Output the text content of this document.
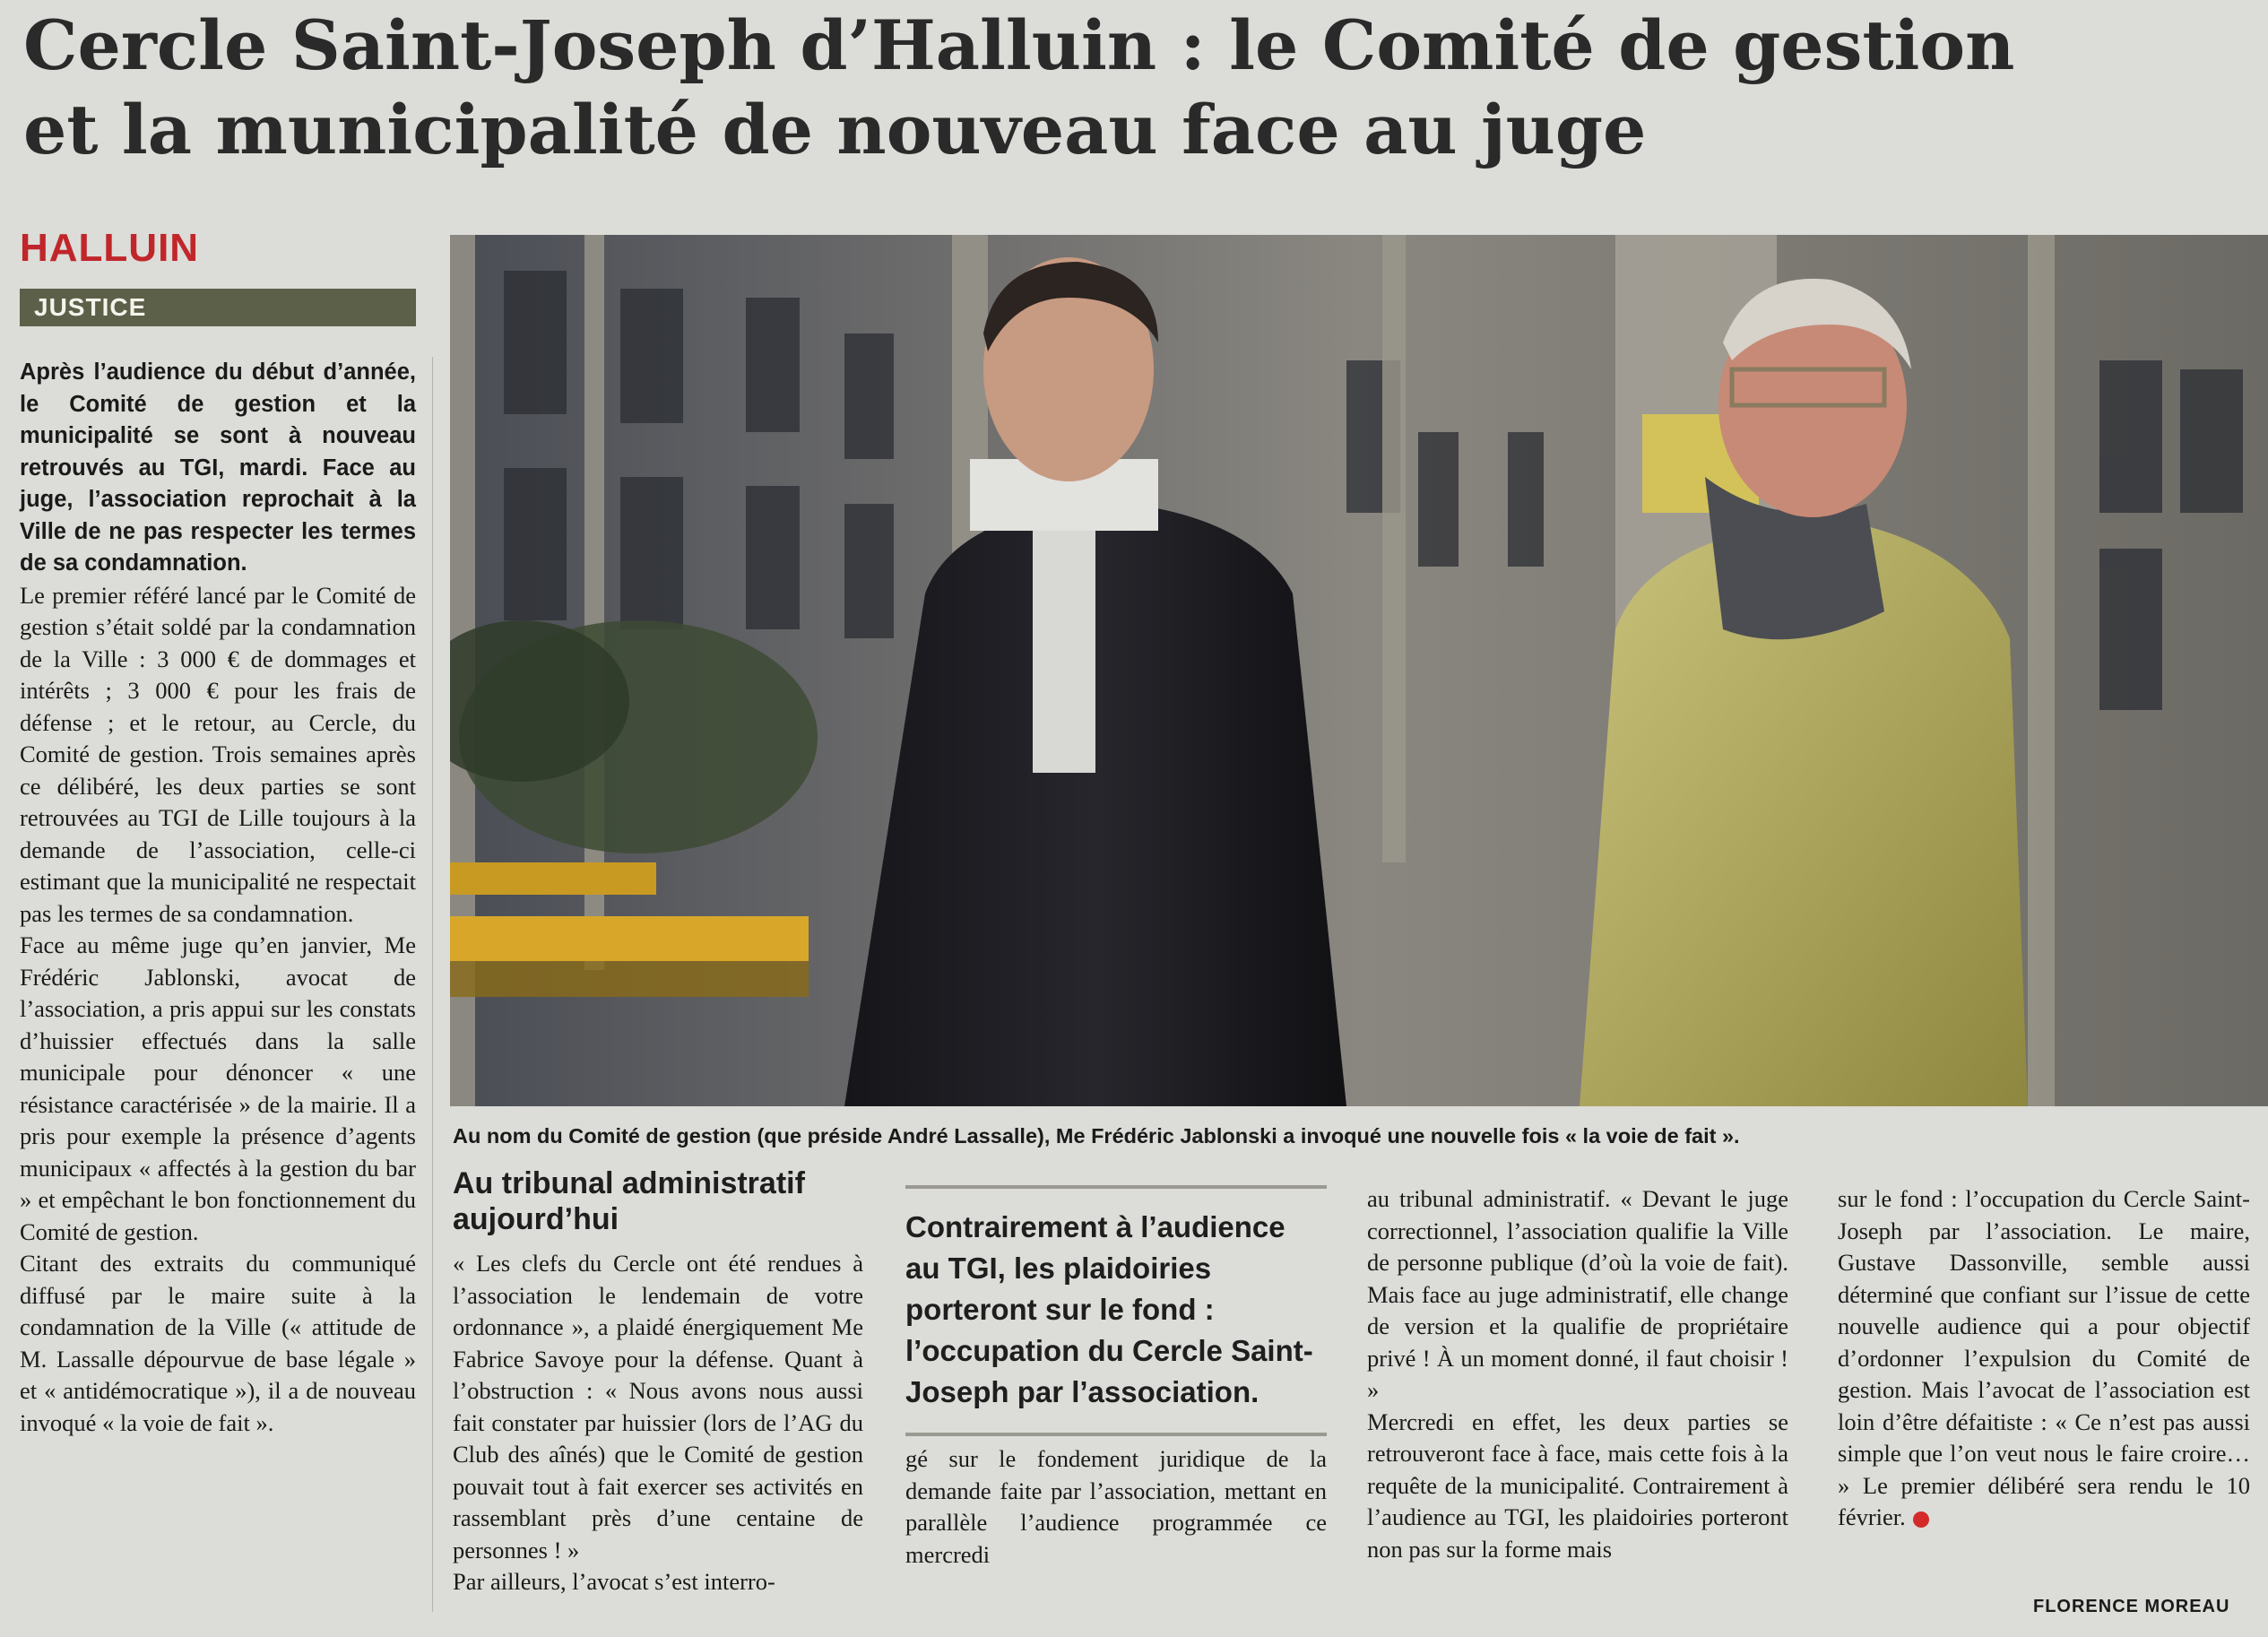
Cercle Saint-Joseph d’Halluin : le Comité de gestion
et la municipalité de nouveau face au juge
HALLUIN
JUSTICE
Au nom du Comité de gestion (que préside André Lassalle), Me Frédéric Jablonski a invoqué une nouvelle fois « la voie de fait ».

Après l’audience du début d’année, le Comité de gestion et la municipalité se sont à nouveau retrouvés au TGI, mardi. Face au juge, l’association reprochait à la Ville de ne pas respecter les termes de sa condamnation.

Le premier référé lancé par le Comité de gestion s’était soldé par la condamnation de la Ville : 3 000 € de dommages et intérêts ; 3 000 € pour les frais de défense ; et le retour, au Cercle, du Comité de gestion. Trois semaines après ce délibéré, les deux parties se sont retrouvées au TGI de Lille toujours à la demande de l’association, celle-ci estimant que la municipalité ne respectait pas les termes de sa condamnation.

Face au même juge qu’en janvier, Me Frédéric Jablonski, avocat de l’association, a pris appui sur les constats d’huissier effectués dans la salle municipale pour dénoncer « une résistance caractérisée » de la mairie. Il a pris pour exemple la présence d’agents municipaux « affectés à la gestion du bar » et empêchant le bon fonctionnement du Comité de gestion.

Citant des extraits du communiqué diffusé par le maire suite à la condamnation de la Ville (« attitude de M. Lassalle dépourvue de base légale » et « antidémocratique »), il a de nouveau invoqué « la voie de fait ».

Au tribunal administratif aujourd’hui

« Les clefs du Cercle ont été rendues à l’association le lendemain de votre ordonnance », a plaidé énergiquement Me Fabrice Savoye pour la défense. Quant à l’obstruction : « Nous avons nous aussi fait constater par huissier (lors de l’AG du Club des aînés) que le Comité de gestion pouvait tout à fait exercer ses activités en rassemblant près d’une centaine de personnes ! »

Par ailleurs, l’avocat s’est interro-

Contrairement à l’audience au TGI, les plaidoiries porteront sur le fond : l’occupation du Cercle Saint-Joseph par l’association.

gé sur le fondement juridique de la demande faite par l’association, mettant en parallèle l’audience programmée ce mercredi

au tribunal administratif. « Devant le juge correctionnel, l’association qualifie la Ville de personne publique (d’où la voie de fait). Mais face au juge administratif, elle change de version et la qualifie de propriétaire privé ! À un moment donné, il faut choisir ! »

Mercredi en effet, les deux parties se retrouveront face à face, mais cette fois à la requête de la municipalité. Contrairement à l’audience au TGI, les plaidoiries porteront non pas sur la forme mais

sur le fond : l’occupation du Cercle Saint-Joseph par l’association. Le maire, Gustave Dassonville, semble aussi déterminé que confiant sur l’issue de cette nouvelle audience qui a pour objectif d’ordonner l’expulsion du Comité de gestion. Mais l’avocat de l’association est loin d’être défaitiste : « Ce n’est pas aussi simple que l’on veut nous le faire croire… » Le premier délibéré sera rendu le 10 février.

FLORENCE MOREAU
